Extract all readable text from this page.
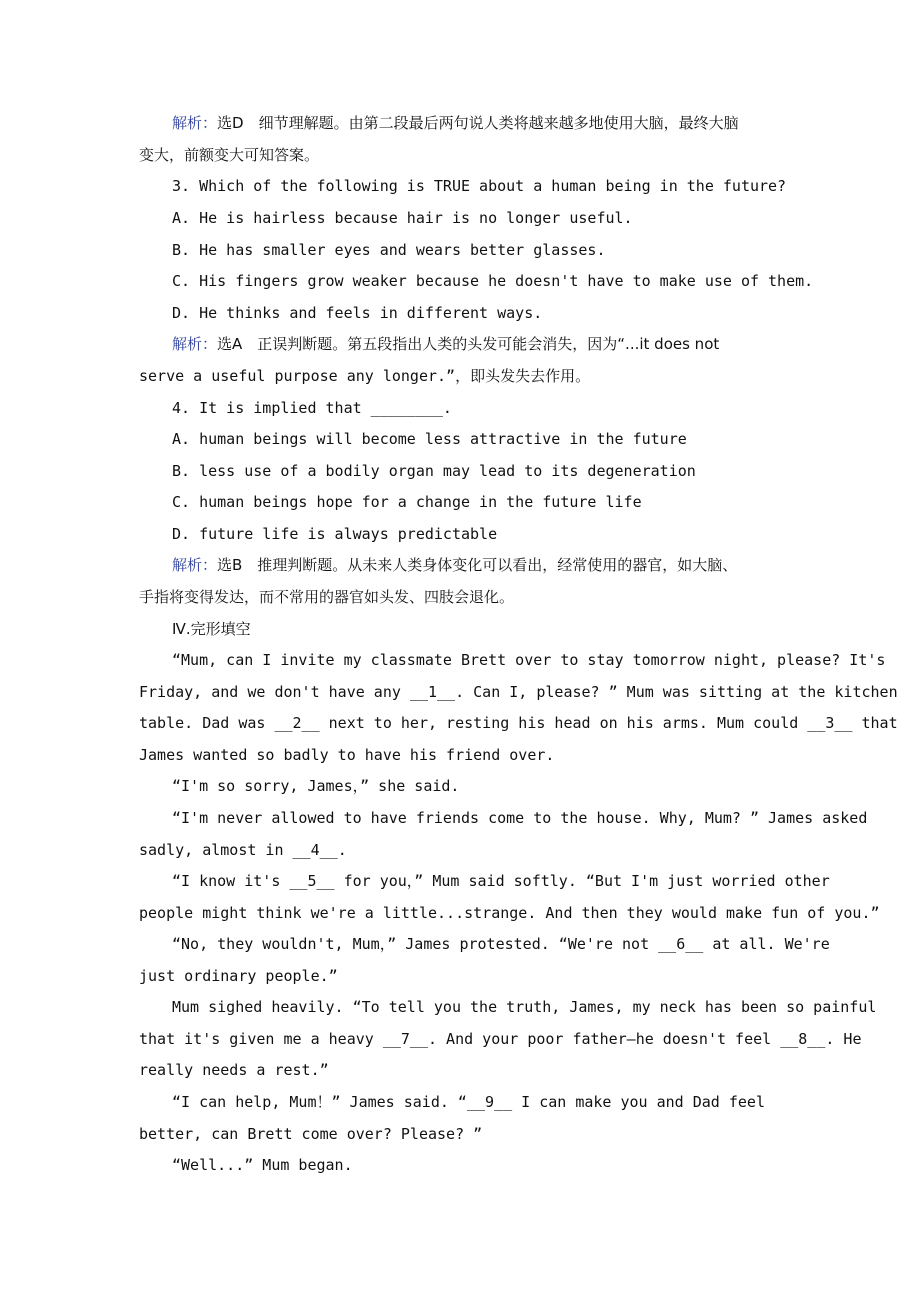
解析：选D　细节理解题。由第二段最后两句说人类将越来越多地使用大脑，最终大脑
变大，前额变大可知答案。
3. Which of the following is TRUE about a human being in the future?
A. He is hairless because hair is no longer useful.
B. He has smaller eyes and wears better glasses.
C. His fingers grow weaker because he doesn't have to make use of them.
D. He thinks and feels in different ways.
解析：选A　正误判断题。第五段指出人类的头发可能会消失，因为“...it does not
serve a useful purpose any longer.”，即头发失去作用。
4. It is implied that ________.
A. human beings will become less attractive in the future
B. less use of a bodily organ may lead to its degeneration
C. human beings hope for a change in the future life
D. future life is always predictable
解析：选B　推理判断题。从未来人类身体变化可以看出，经常使用的器官，如大脑、
手指将变得发达，而不常用的器官如头发、四肢会退化。
Ⅳ.完形填空
“Mum, can I invite my classmate Brett over to stay tomorrow night, please? It's
Friday, and we don't have any __1__. Can I, please? ” Mum was sitting at the kitchen
table. Dad was __2__ next to her, resting his head on his arms. Mum could __3__ that
James wanted so badly to have his friend over.
“I'm so sorry, James，” she said.
“I'm never allowed to have friends come to the house. Why, Mum? ” James asked
sadly, almost in __4__.
“I know it's __5__ for you，” Mum said softly. “But I'm just worried other
people might think we're a little...strange. And then they would make fun of you.”
“No, they wouldn't, Mum，” James protested. “We're not __6__ at all. We're
just ordinary people.”
Mum sighed heavily. “To tell you the truth, James, my neck has been so painful
that it's given me a heavy __7__. And your poor father—he doesn't feel __8__. He
really needs a rest.”
“I can help, Mum！” James said. “__9__ I can make you and Dad feel
better, can Brett come over? Please? ”
“Well...” Mum began.
